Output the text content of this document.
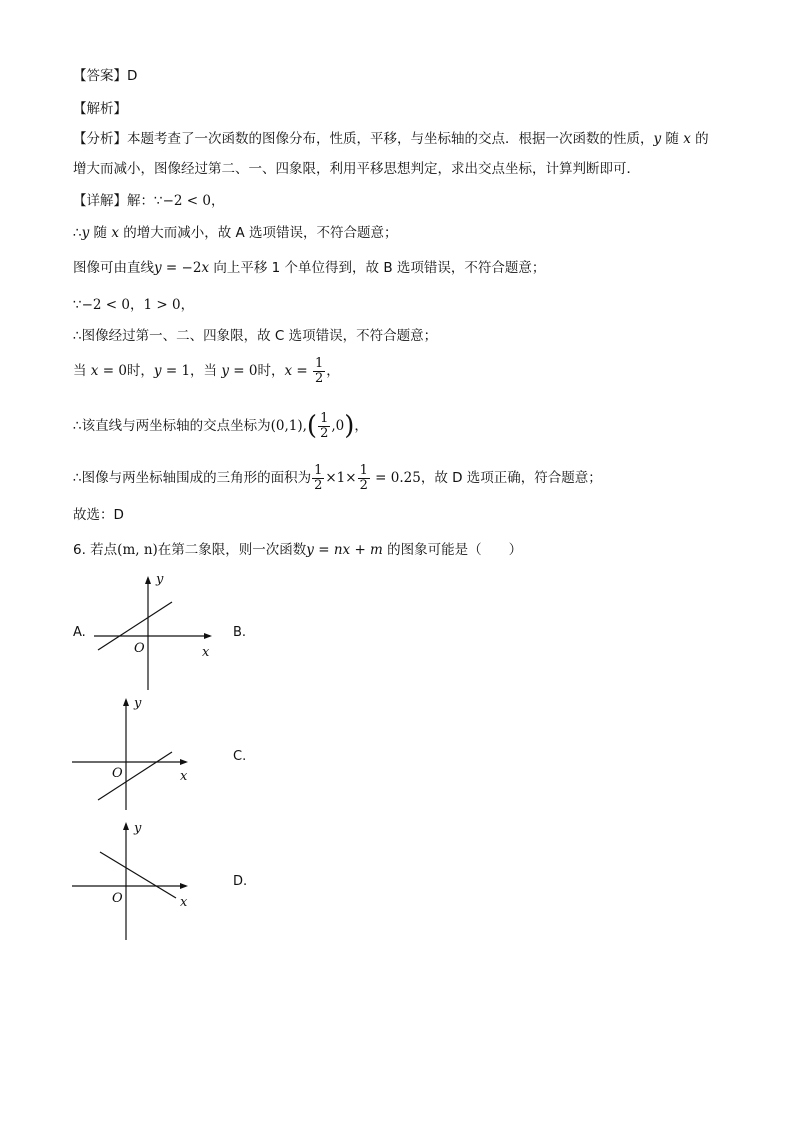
【答案】D
【解析】
【分析】本题考查了一次函数的图像分布，性质，平移，与坐标轴的交点．根据一次函数的性质，y 随 x 的
增大而减小，图像经过第二、一、四象限，利用平移思想判定，求出交点坐标，计算判断即可．
【详解】解：∵−2 < 0，
∴y 随 x 的增大而减小，故 A 选项错误，不符合题意；
图像可由直线y = −2x 向上平移 1 个单位得到，故 B 选项错误，不符合题意；
∵−2 < 0，1 > 0，
∴图像经过第一、二、四象限，故 C 选项错误，不符合题意；
当 x = 0时，y = 1，当 y = 0时，$x = \frac{1}{2}$ ，
∴该直线与两坐标轴的交点坐标为$(0,1),( \frac{1}{2} ,0)$，
∴图像与两坐标轴围成的三角形的面积为 $\frac{1}{2} \times 1\times \frac{1}{2} = 0.25$，故 D 选项正确，符合题意；
故选：D
6. 若点(m, n)在第二象限，则一次函数y = nx + m 的图象可能是（　　）
A.
O	x
y
B.
O	x
y
C.
O	x
y
D.
